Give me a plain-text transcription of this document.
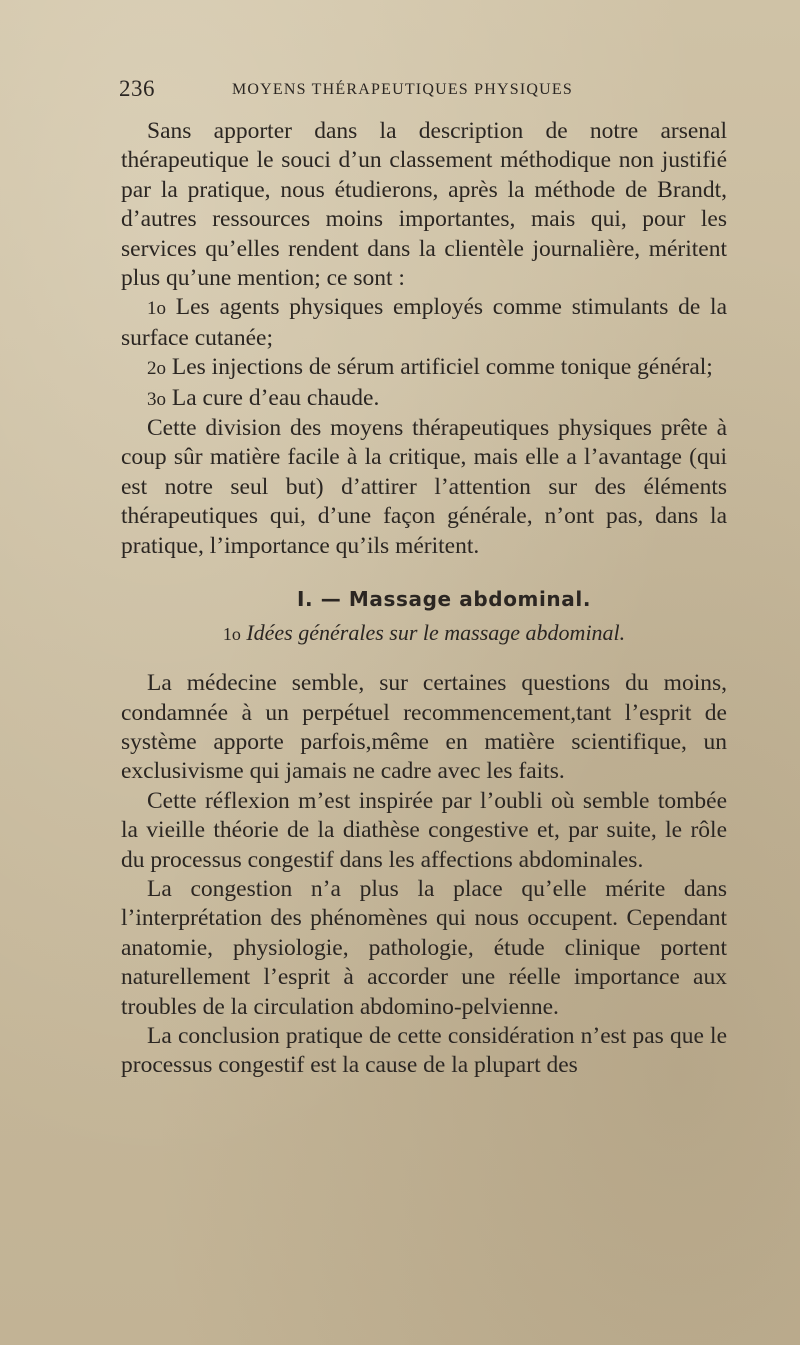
236	MOYENS THÉRAPEUTIQUES PHYSIQUES

Sans apporter dans la description de notre arsenal thérapeutique le souci d’un classement méthodique non justifié par la pratique, nous étudierons, après la méthode de Brandt, d’autres ressources moins importantes, mais qui, pour les services qu’elles rendent dans la clientèle journalière, méritent plus qu’une mention; ce sont :

1o Les agents physiques employés comme stimulants de la surface cutanée;

2o Les injections de sérum artificiel comme tonique général;

3o La cure d’eau chaude.

Cette division des moyens thérapeutiques physiques prête à coup sûr matière facile à la critique, mais elle a l’avantage (qui est notre seul but) d’attirer l’attention sur des éléments thérapeutiques qui, d’une façon générale, n’ont pas, dans la pratique, l’importance qu’ils méritent.

I. — Massage abdominal.
1o Idées générales sur le massage abdominal.

La médecine semble, sur certaines questions du moins, condamnée à un perpétuel recommencement,tant l’esprit de système apporte parfois,même en matière scientifique, un exclusivisme qui jamais ne cadre avec les faits.

Cette réflexion m’est inspirée par l’oubli où semble tombée la vieille théorie de la diathèse congestive et, par suite, le rôle du processus congestif dans les affections abdominales.

La congestion n’a plus la place qu’elle mérite dans l’interprétation des phénomènes qui nous occupent. Cependant anatomie, physiologie, pathologie, étude clinique portent naturellement l’esprit à accorder une réelle importance aux troubles de la circulation abdomino-pelvienne.

La conclusion pratique de cette considération n’est pas que le processus congestif est la cause de la plupart des
